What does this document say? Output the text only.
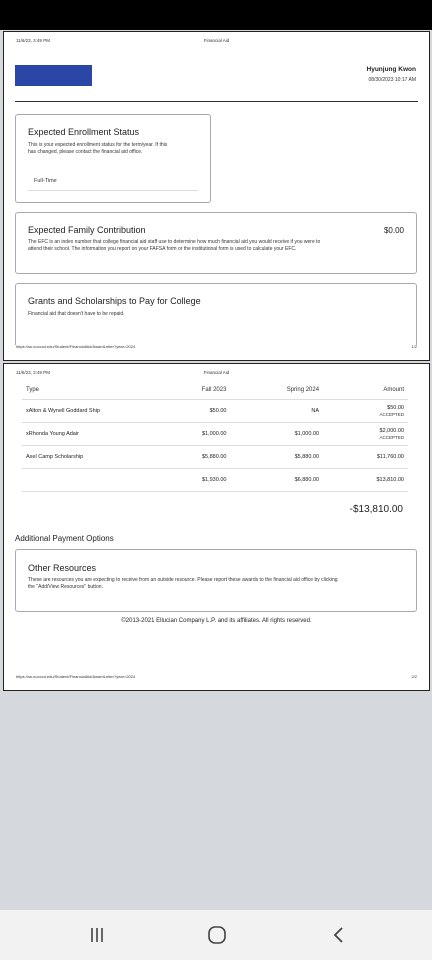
11/6/23, 3:49 PM	Financial Aid
Hyunjung Kwon
08/30/2023 10:17 AM
Expected Enrollment Status

This is your expected enrollment status for the term/year. If this has changed, please contact the financial aid office.

Full-Time

Expected Family Contribution	$0.00

The EFC is an index number that college financial aid staff use to determine how much financial aid you would receive if you were to attend their school. The information you report on your FAFSA form or the institutional form is used to calculate your EFC.

Grants and Scholarships to Pay for College

Financial aid that doesn't have to be repaid.

https://ss.nocccd.edu/Student/FinancialAid/AwardLetter?year=2024	1/2
11/6/23, 3:49 PM	Financial Aid
Type	Fall 2023	Spring 2024	Amount
xAlton & Wynell Goddard Ship	$50.00	NA	$50.00
ACCEPTED

xRhonda Young Adair	$1,000.00	$1,000.00	$2,000.00
ACCEPTED

Axel Camp Scholarship	$5,880.00	$5,880.00	$11,760.00
	$1,930.00	$6,880.00	$13,810.00
-$13,810.00
Additional Payment Options
Other Resources

These are resources you are expecting to receive from an outside resource. Please report these awards to the financial aid office by clicking the "Add/View Resources" button.

©2013-2021 Ellucian Company L.P. and its affiliates. All rights reserved.
https://ss.nocccd.edu/Student/FinancialAid/AwardLetter?year=2024	2/2
